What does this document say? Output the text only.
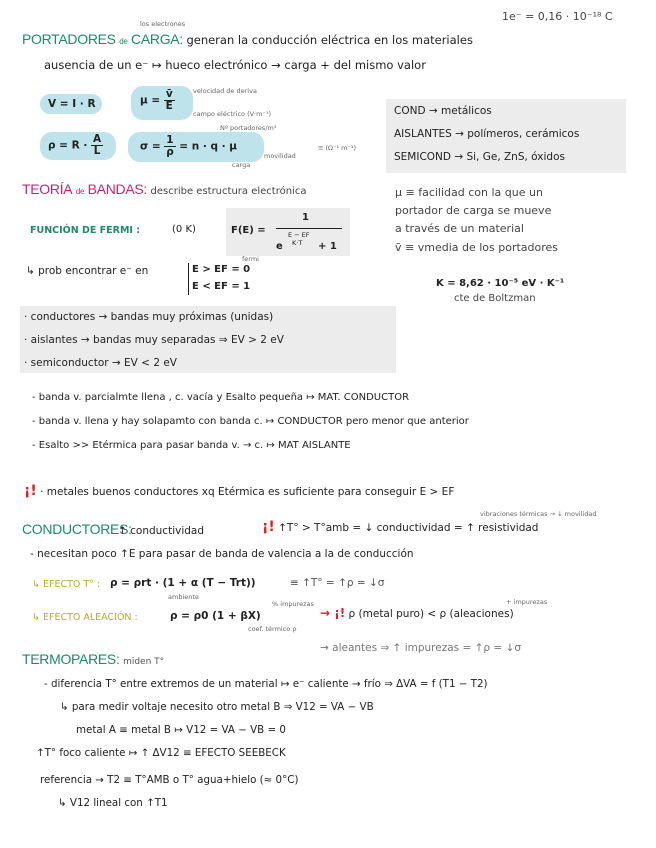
1e⁻ = 0,16 · 10⁻¹⁸ C
los electrones
PORTADORES de CARGA: generan la conducción eléctrica en los materiales
ausencia de un e⁻ ↦ hueco electrónico → carga + del mismo valor
V = I · R	$\mu = \frac{v̄}{E}$	velocidad de deriva
campo eléctrico (V·m⁻¹)
$\rho = R \cdot \frac{A}{L}$	$\sigma = \frac{1}{\rho} = n \cdot q \cdot \mu$
Nº portadores/m³
movilidad
carga
≡ (Ω⁻¹ m⁻¹)
COND → metálicos
AISLANTES → polímeros, cerámicos
SEMICOND → Si, Ge, ZnS, óxidos
TEORÍA de BANDAS: describe estructura electrónica	μ ≡ facilidad con la que un
portador de carga se mueve
a través de un material
v̄ ≡ vmedia de los portadores
FUNCIÓN DE FERMI :	(0 K)	F(E) =
1
e
E − EF
K·T + 1
↳ prob encontrar e⁻ en	E > EF = 0
fermi
E < EF = 1	K = 8,62 · 10⁻⁵ eV · K⁻¹
cte de Boltzman
· conductores → bandas muy próximas (unidas)
· aislantes → bandas muy separadas ⇒ EV > 2 eV
· semiconductor → EV < 2 eV
- banda v. parcialmte llena , c. vacía y Esalto pequeña ↦ MAT. CONDUCTOR
- banda v. llena y hay solapamto con banda c. ↦ CONDUCTOR pero menor que anterior
- Esalto >> Etérmica para pasar banda v. → c. ↦ MAT AISLANTE
¡! · metales buenos conductores xq Etérmica es suficiente para conseguir E > EF
vibraciones térmicas → ↓ movilidad
CONDUCTORES:
↑ conductividad	¡! ↑T° > T°amb = ↓ conductividad = ↑ resistividad
- necesitan poco ↑E para pasar de banda de valencia a la de conducción
↳ EFECTO T° : ρ = ρrt · (1 + α (T − Trt))
ambiente
≡ ↑T° = ↑ρ = ↓σ
% impurezas	+ impurezas
↳ EFECTO ALEACIÓN :	ρ = ρ0 (1 + βX)
coef. térmico ρ
→ ¡! ρ (metal puro) < ρ (aleaciones)
→ aleantes ⇒ ↑ impurezas = ↑ρ = ↓σ
TERMOPARES: miden T°
- diferencia T° entre extremos de un material ↦ e⁻ caliente → frío ⇒ ΔVA = f (T1 − T2)
↳ para medir voltaje necesito otro metal B ⇒ V12 = VA − VB
metal A ≡ metal B ↦ V12 = VA − VB = 0
↑T° foco caliente ↦ ↑ ΔV12 ≡ EFECTO SEEBECK
referencia → T2 ≡ T°AMB o T° agua+hielo (≈ 0°C)
↳ V12 lineal con ↑T1
